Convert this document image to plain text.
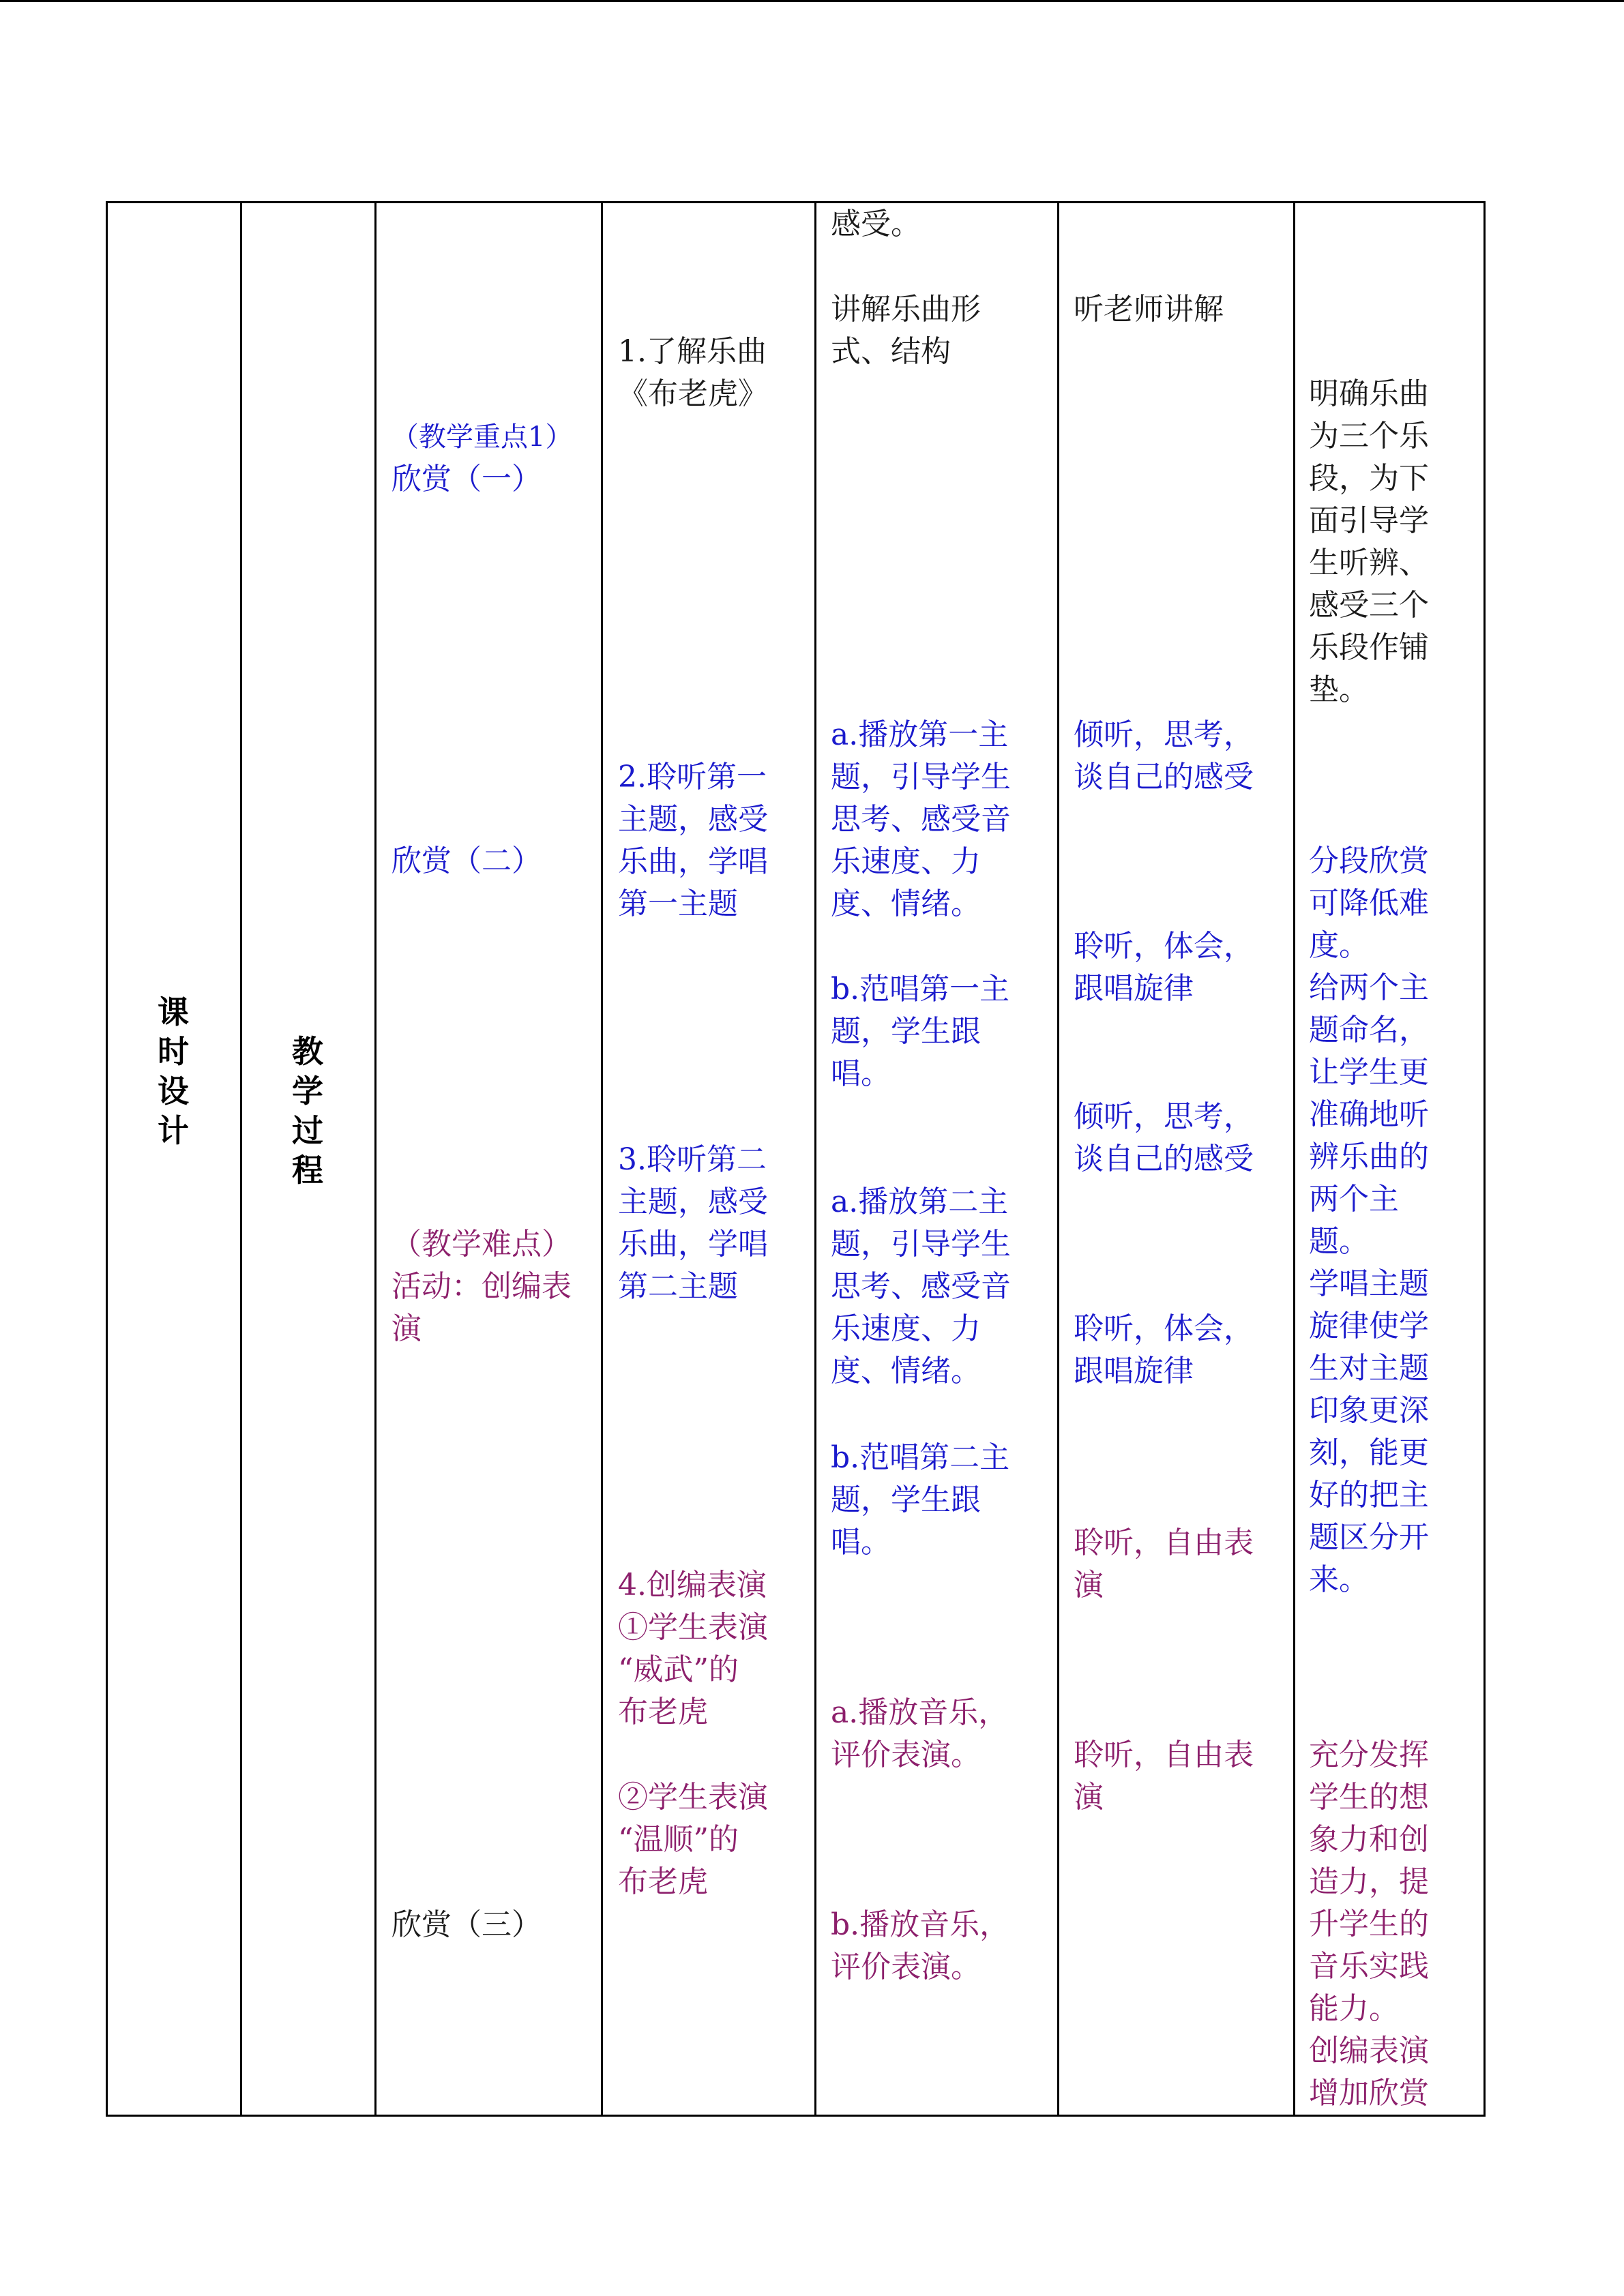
课时设计
教学过程
（教学重点1）
欣赏（一）
欣赏（二）
（教学难点）
活动：创编表
演
欣赏（三）
1.了解乐曲
《布老虎》
2.聆听第一
主题，感受
乐曲，学唱
第一主题
3.聆听第二
主题，感受
乐曲，学唱
第二主题
4.创编表演
①学生表演
“威武”的
布老虎
②学生表演
“温顺”的
布老虎
感受。
讲解乐曲形
式、结构
a.播放第一主
题，引导学生
思考、感受音
乐速度、力
度、情绪。
b.范唱第一主
题，学生跟
唱。
a.播放第二主
题，引导学生
思考、感受音
乐速度、力
度、情绪。
b.范唱第二主
题，学生跟
唱。
a.播放音乐，
评价表演。
b.播放音乐，
评价表演。
听老师讲解
倾听，思考，
谈自己的感受
聆听，体会，
跟唱旋律
倾听，思考，
谈自己的感受
聆听，体会，
跟唱旋律
聆听，自由表
演
聆听，自由表
演
明确乐曲
为三个乐
段，为下
面引导学
生听辨、
感受三个
乐段作铺
垫。
分段欣赏
可降低难
度。
给两个主
题命名，
让学生更
准确地听
辨乐曲的
两个主
题。
学唱主题
旋律使学
生对主题
印象更深
刻，能更
好的把主
题区分开
来。
充分发挥
学生的想
象力和创
造力，提
升学生的
音乐实践
能力。
创编表演
增加欣赏
